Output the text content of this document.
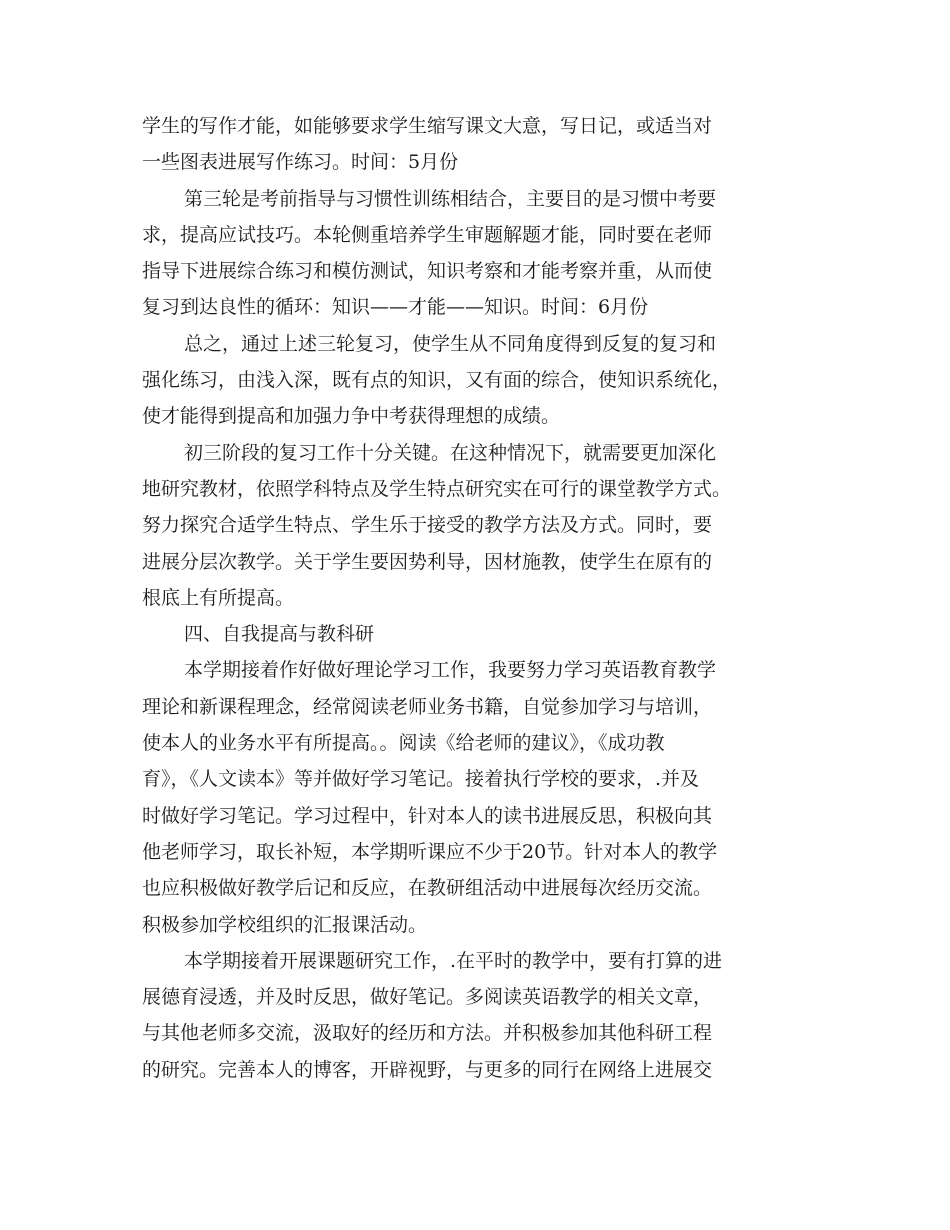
学生的写作才能，如能够要求学生缩写课文大意，写日记，或适当对
一些图表进展写作练习。时间：5月份
第三轮是考前指导与习惯性训练相结合，主要目的是习惯中考要
求，提高应试技巧。本轮侧重培养学生审题解题才能，同时要在老师
指导下进展综合练习和模仿测试，知识考察和才能考察并重，从而使
复习到达良性的循环：知识——才能——知识。时间：6月份
总之，通过上述三轮复习，使学生从不同角度得到反复的复习和
强化练习，由浅入深，既有点的知识，又有面的综合，使知识系统化，
使才能得到提高和加强力争中考获得理想的成绩。
初三阶段的复习工作十分关键。在这种情况下，就需要更加深化
地研究教材，依照学科特点及学生特点研究实在可行的课堂教学方式。
努力探究合适学生特点、学生乐于接受的教学方法及方式。同时，要
进展分层次教学。关于学生要因势利导，因材施教，使学生在原有的
根底上有所提高。
四、自我提高与教科研
本学期接着作好做好理论学习工作，我要努力学习英语教育教学
理论和新课程理念，经常阅读老师业务书籍，自觉参加学习与培训，
使本人的业务水平有所提高。。阅读《给老师的建议》，《成功教
育》，《人文读本》等并做好学习笔记。接着执行学校的要求，.并及
时做好学习笔记。学习过程中，针对本人的读书进展反思，积极向其
他老师学习，取长补短，本学期听课应不少于20节。针对本人的教学
也应积极做好教学后记和反应，在教研组活动中进展每次经历交流。
积极参加学校组织的汇报课活动。
本学期接着开展课题研究工作，.在平时的教学中，要有打算的进
展德育浸透，并及时反思，做好笔记。多阅读英语教学的相关文章，
与其他老师多交流，汲取好的经历和方法。并积极参加其他科研工程
的研究。完善本人的博客，开辟视野，与更多的同行在网络上进展交
